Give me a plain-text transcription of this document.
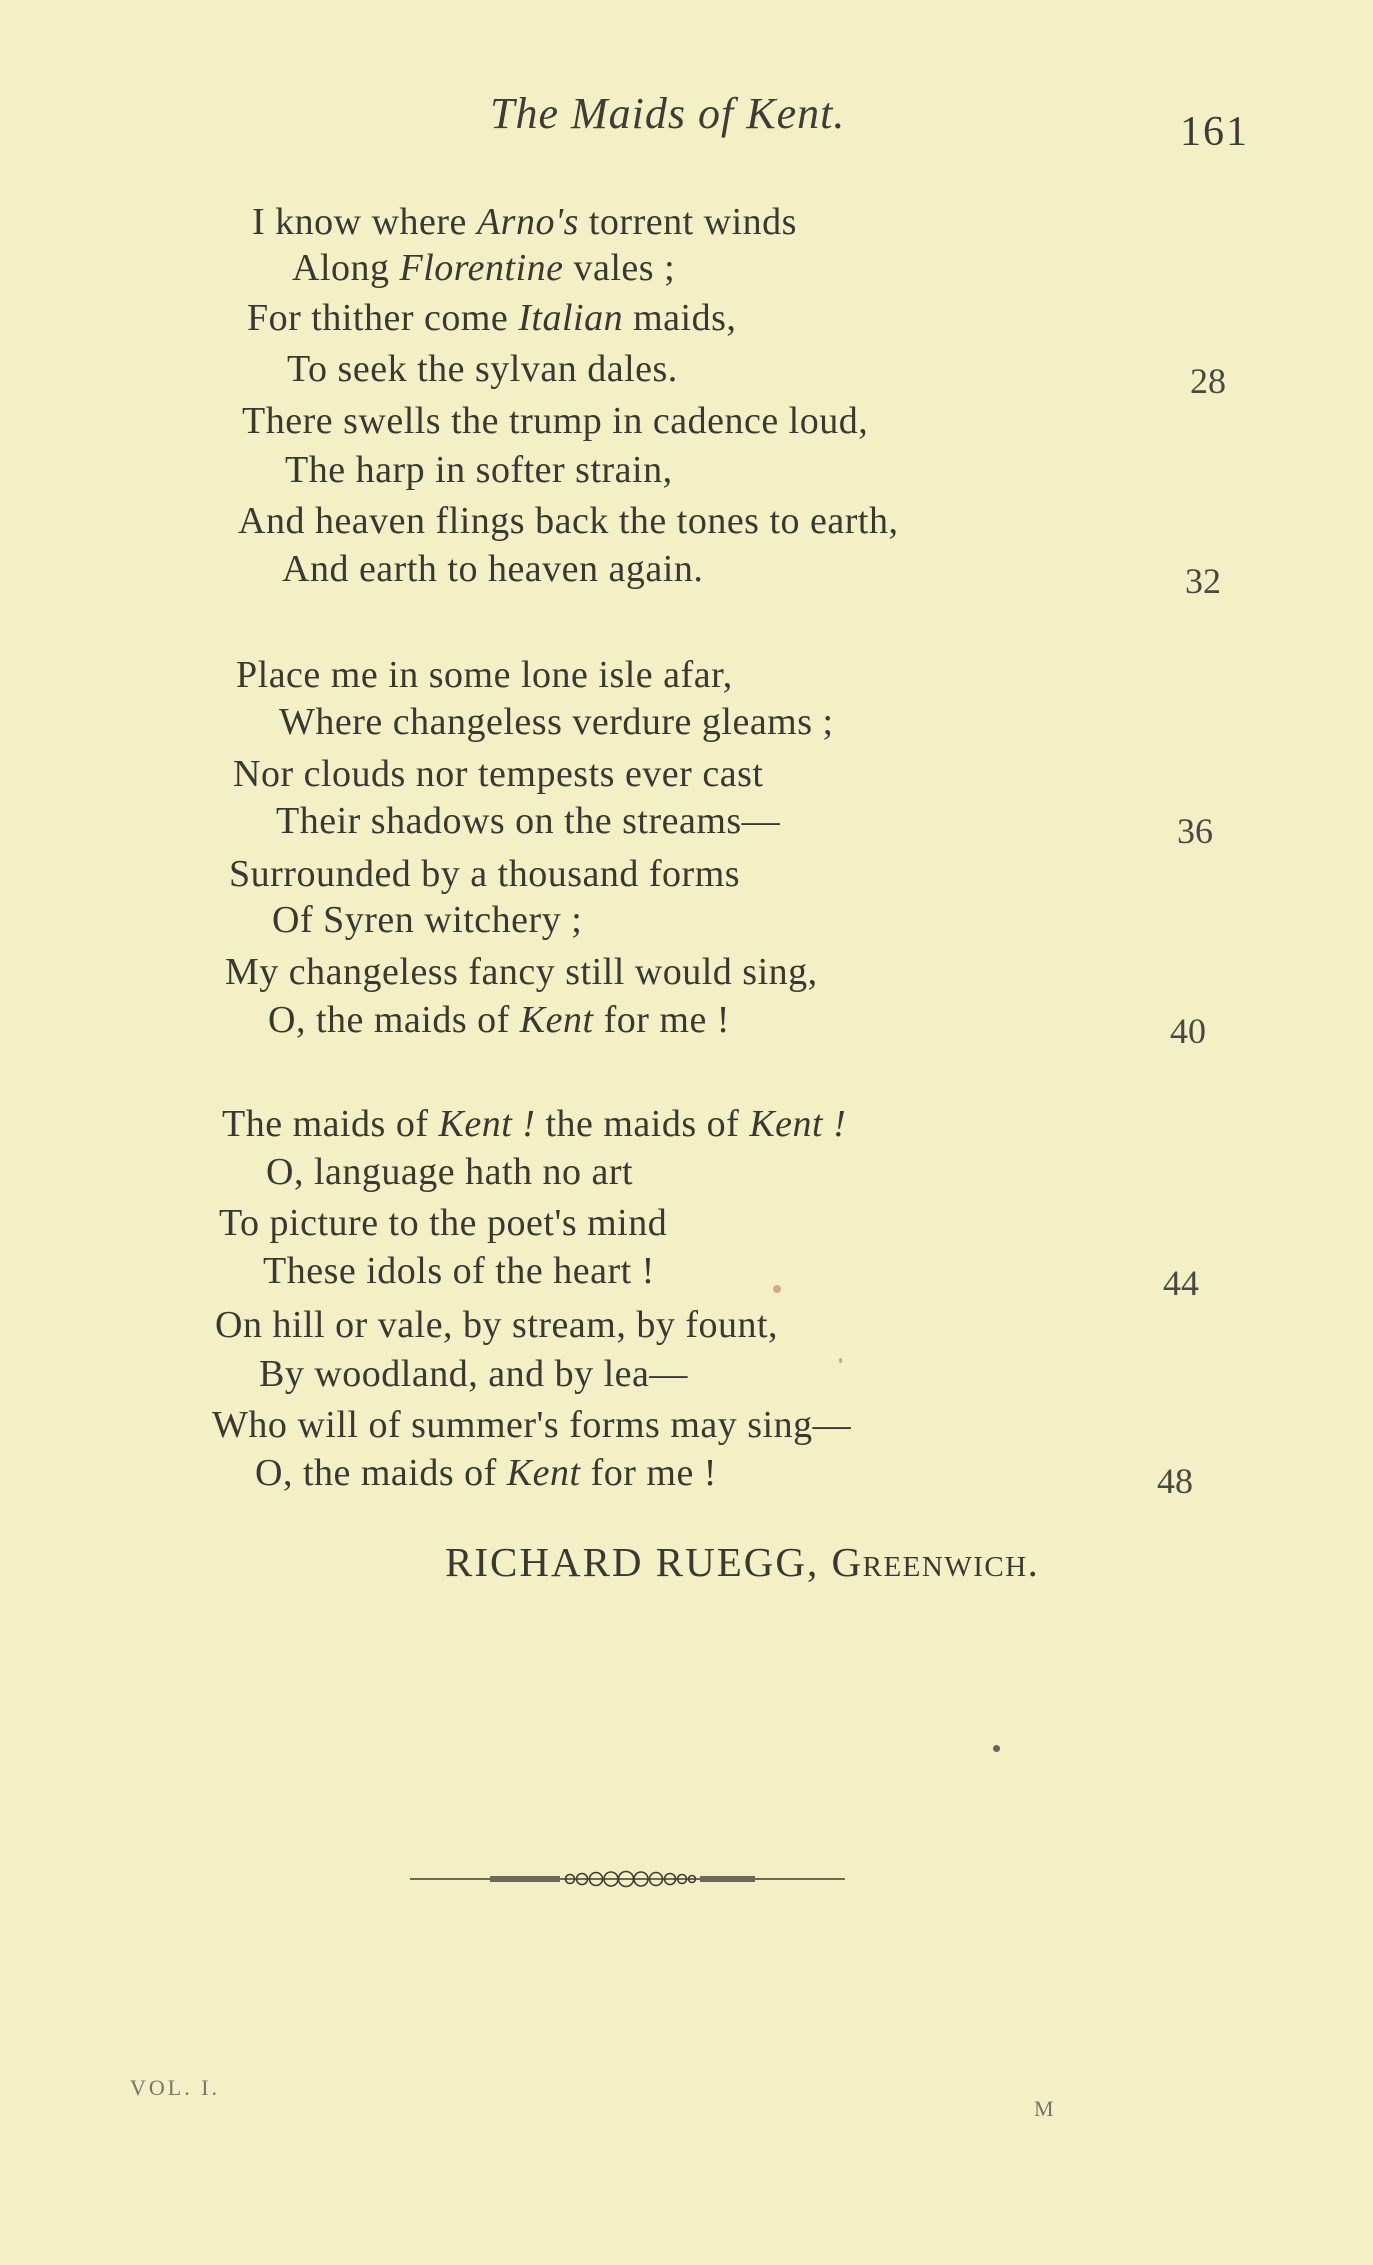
The Maids of Kent.	161
I know where Arno's torrent winds
Along Florentine vales ;
For thither come Italian maids,
To seek the sylvan dales.
There swells the trump in cadence loud,
The harp in softer strain,
And heaven flings back the tones to earth,
And earth to heaven again.
28
32
Place me in some lone isle afar,
Where changeless verdure gleams ;
Nor clouds nor tempests ever cast
Their shadows on the streams—
Surrounded by a thousand forms
Of Syren witchery ;
My changeless fancy still would sing,
O, the maids of Kent for me !
36
40
The maids of Kent ! the maids of Kent !
O, language hath no art
To picture to the poet's mind
These idols of the heart !
On hill or vale, by stream, by fount,
By woodland, and by lea—
Who will of summer's forms may sing—
O, the maids of Kent for me !
44
48
RICHARD RUEGG, Greenwich.
VOL. I.
M
